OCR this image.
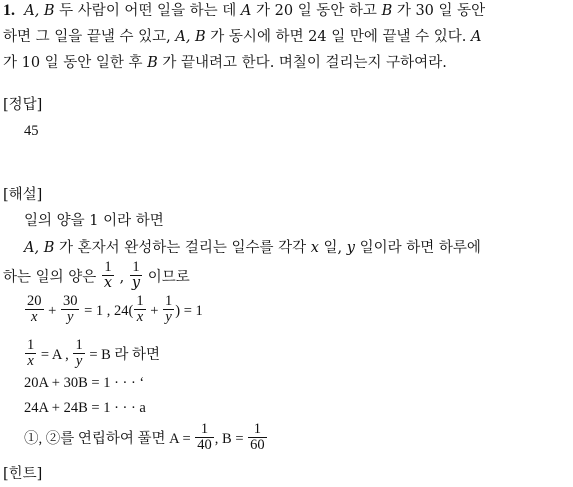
1. A, B 두 사람이 어떤 일을 하는 데 A 가 20 일 동안 하고 B 가 30 일 동안
하면 그 일을 끝낼 수 있고, A, B 가 동시에 하면 24 일 만에 끝낼 수 있다. A
가 10 일 동안 일한 후 B 가 끝내려고 한다. 며칠이 걸리는지 구하여라.
[정답]
45
[해설]
일의 양을 1 이라 하면
A, B 가 혼자서 완성하는 걸리는 일수를 각각 x 일, y 일이라 하면 하루에
하는 일의 양은 $\frac{1}{x}$ , $\frac{1}{y}$ 이므로
$\frac{20}{x} + \frac{30}{y} = 1$ , $24( \frac{1}{x} + \frac{1}{y}$ ) = 1
$\frac{1}{x} = A$ , $\frac{1}{y} = B$ 라 하면
20A + 30B = 1 · · · ‘
24A + 24B = 1 · · · a
①, ②를 연립하여 풀면 $A = \frac{1}{40}$ , $B = \frac{1}{60}$
[힌트]
